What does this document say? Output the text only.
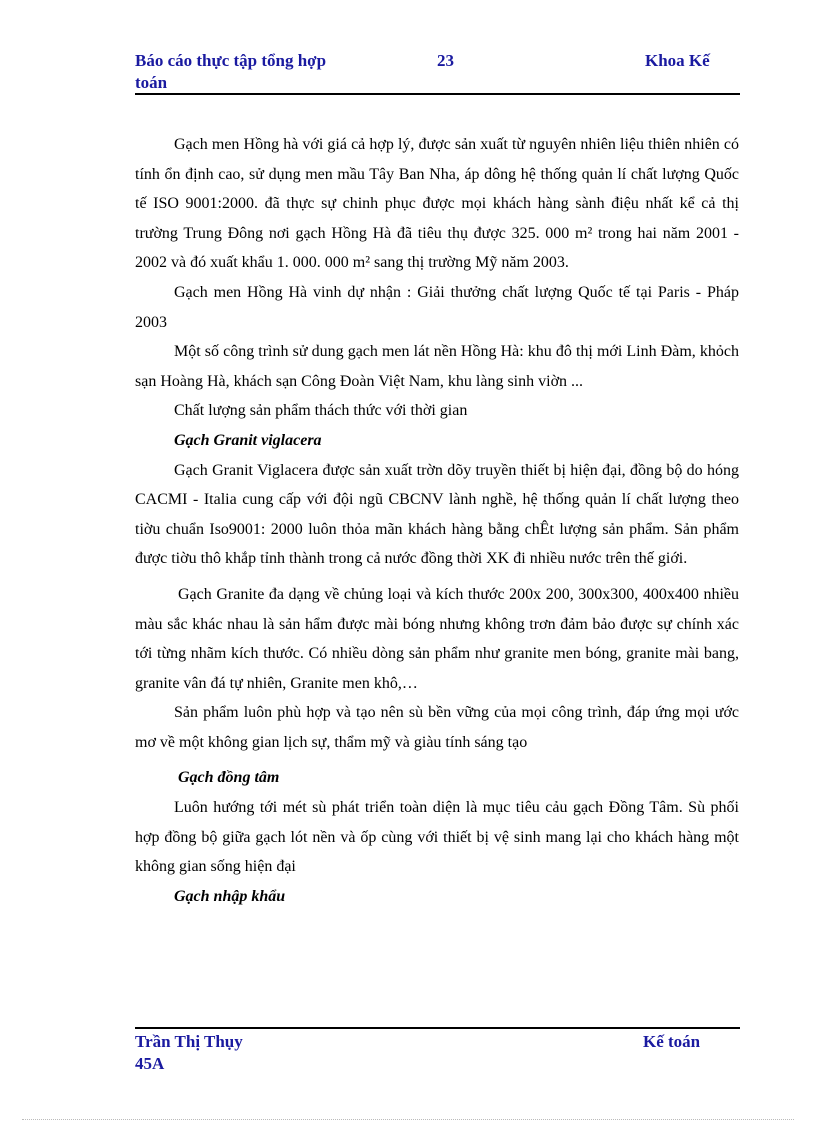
Báo cáo thực tập tổng hợp
toán
23	Khoa Kế

Gạch men Hồng hà với giá cả hợp lý, được sản xuất từ nguyên nhiên liệu thiên nhiên có tính ổn định cao, sử dụng men mầu Tây Ban Nha, áp dông hệ thống quản lí chất lượng Quốc tế ISO 9001:2000. đã thực sự chinh phục được mọi khách hàng sành điệu nhất kể cả thị trường Trung Đông nơi gạch Hồng Hà đã tiêu thụ được 325. 000 m² trong hai năm 2001 - 2002 và đó xuất khẩu 1. 000. 000 m² sang thị trường Mỹ năm 2003.

Gạch men Hồng Hà vinh dự nhận : Giải thưởng chất lượng Quốc tế tại Paris - Pháp 2003

Một số công trình sử dung gạch men lát nền Hồng Hà: khu đô thị mới Linh Đàm, khỏch sạn Hoàng Hà, khách sạn Công Đoàn Việt Nam, khu làng sinh viờn ...

Chất lượng sản phẩm thách thức với thời gian

Gạch Granit viglacera

Gạch Granit Viglacera được sản xuất trờn dõy truyền thiết bị hiện đại, đồng bộ do hóng CACMI - Italia cung cấp với đội ngũ CBCNV lành nghề, hệ thống quản lí chất lượng theo tiờu chuẩn Iso9001: 2000 luôn thỏa mãn khách hàng bằng chÊt lượng sản phẩm. Sản phẩm được tiờu thô khắp tỉnh thành trong cả nước đồng thời XK đi nhiều nước trên thế giới.

Gạch Granite đa dạng về chủng loại và kích thước 200x 200, 300x300, 400x400 nhiều màu sắc khác nhau là sản hẩm được mài bóng nhưng không trơn đảm bảo được sự chính xác tới từng nhãm kích thước. Có nhiều dòng sản phẩm như granite men bóng, granite mài bang, granite vân đá tự nhiên, Granite men khô,…

Sản phẩm luôn phù hợp và tạo nên sù bền vững của mọi công trình, đáp ứng mọi ước mơ về một không gian lịch sự, thẩm mỹ và giàu tính sáng tạo

Gạch đồng tâm

Luôn hướng tới mét sù phát triển toàn diện là mục tiêu cảu gạch Đồng Tâm. Sù phối hợp đồng bộ giữa gạch lót nền và ốp cùng với thiết bị vệ sinh mang lại cho khách hàng một không gian sống hiện đại

Gạch nhập khẩu

Trần Thị Thụy
45A
Kế toán
